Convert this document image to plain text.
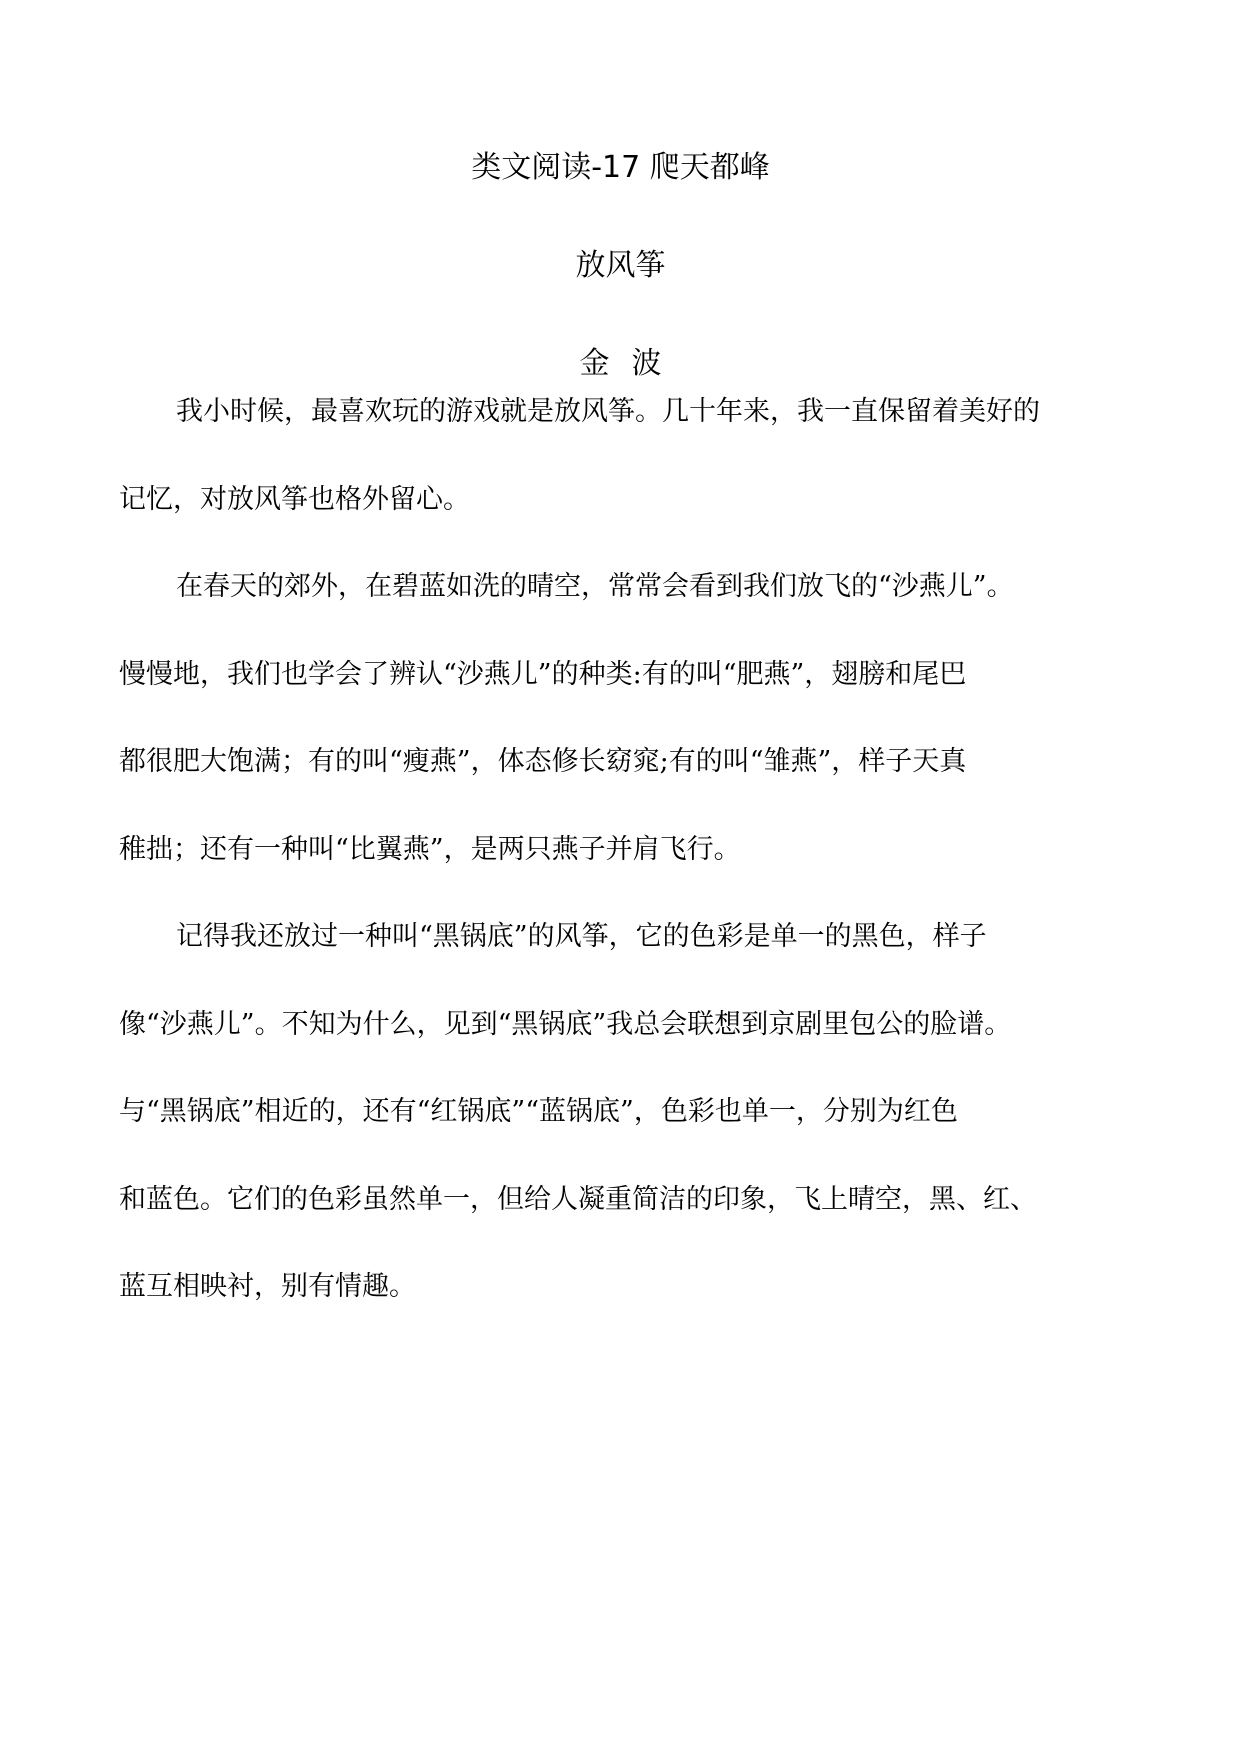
类文阅读-17 爬天都峰
放风筝
金波
我小时候，最喜欢玩的游戏就是放风筝。几十年来，我一直保留着美好的
记忆，对放风筝也格外留心。
在春天的郊外，在碧蓝如洗的晴空，常常会看到我们放飞的“沙燕儿”。
慢慢地，我们也学会了辨认“沙燕儿”的种类:有的叫“肥燕”，翅膀和尾巴
都很肥大饱满；有的叫“瘦燕”，体态修长窈窕;有的叫“雏燕”，样子天真
稚拙；还有一种叫“比翼燕”，是两只燕子并肩飞行。
记得我还放过一种叫“黑锅底”的风筝，它的色彩是单一的黑色，样子
像“沙燕儿”。不知为什么，见到“黑锅底”我总会联想到京剧里包公的脸谱。
与“黑锅底”相近的，还有“红锅底”“蓝锅底”，色彩也单一，分别为红色
和蓝色。它们的色彩虽然单一，但给人凝重简洁的印象，飞上晴空，黑、红、
蓝互相映衬，别有情趣。
